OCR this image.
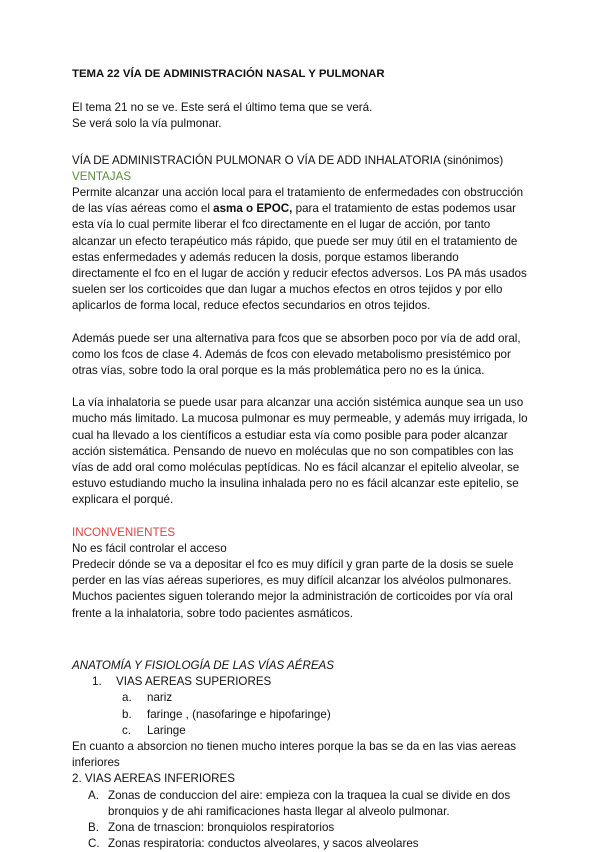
TEMA 22 VÍA DE ADMINISTRACIÓN NASAL Y PULMONAR

El tema 21 no se ve. Este será el último tema que se verá.

Se verá solo la vía pulmonar.

VÍA DE ADMINISTRACIÓN PULMONAR O VÍA DE ADD INHALATORIA (sinónimos)

VENTAJAS

Permite alcanzar una acción local para el tratamiento de enfermedades con obstrucción de las vías aéreas como el asma o EPOC, para el tratamiento de estas podemos usar esta vía lo cual permite liberar el fco directamente en el lugar de acción, por tanto alcanzar un efecto terapéutico más rápido, que puede ser muy útil en el tratamiento de estas enfermedades y además reducen la dosis, porque estamos liberando directamente el fco en el lugar de acción y reducir efectos adversos. Los PA más usados suelen ser los corticoides que dan lugar a muchos efectos en otros tejidos y por ello aplicarlos de forma local, reduce efectos secundarios en otros tejidos.

Además puede ser una alternativa para fcos que se absorben poco por vía de add oral, como los fcos de clase 4. Además de fcos con elevado metabolismo presistémico por otras vías, sobre todo la oral porque es la más problemática pero no es la única.

La vía inhalatoria se puede usar para alcanzar una acción sistémica aunque sea un uso mucho más limitado. La mucosa pulmonar es muy permeable, y además muy irrigada, lo cual ha llevado a los científicos a estudiar esta vía como posible para poder alcanzar acción sistemática. Pensando de nuevo en moléculas que no son compatibles con las vías de add oral como moléculas peptídicas. No es fácil alcanzar el epitelio alveolar, se estuvo estudiando mucho la insulina inhalada pero no es fácil alcanzar este epitelio, se explicara el porqué.

INCONVENIENTES

No es fácil controlar el acceso

Predecir dónde se va a depositar el fco es muy difícil y gran parte de la dosis se suele perder en las vías aéreas superiores, es muy difícil alcanzar los alvéolos pulmonares. Muchos pacientes siguen tolerando mejor la administración de corticoides por vía oral frente a la inhalatoria, sobre todo pacientes asmáticos.

ANATOMÍA Y FISIOLOGÍA DE LAS VÍAS AÉREAS

1.	VIAS AEREAS SUPERIORES
a.	nariz
b.	faringe , (nasofaringe e hipofaringe)
c.	Laringe

En cuanto a absorcion no tienen mucho interes porque la bas se da en las vias aereas inferiores

2. VIAS AEREAS INFERIORES

A. Zonas de conduccion del aire: empieza con la traquea la cual se divide en dos bronquios y de ahi ramificaciones hasta llegar al alveolo pulmonar.
B. Zona de trnascion: bronquiolos respiratorios
C. Zonas respiratoria: conductos alveolares, y sacos alveolares
